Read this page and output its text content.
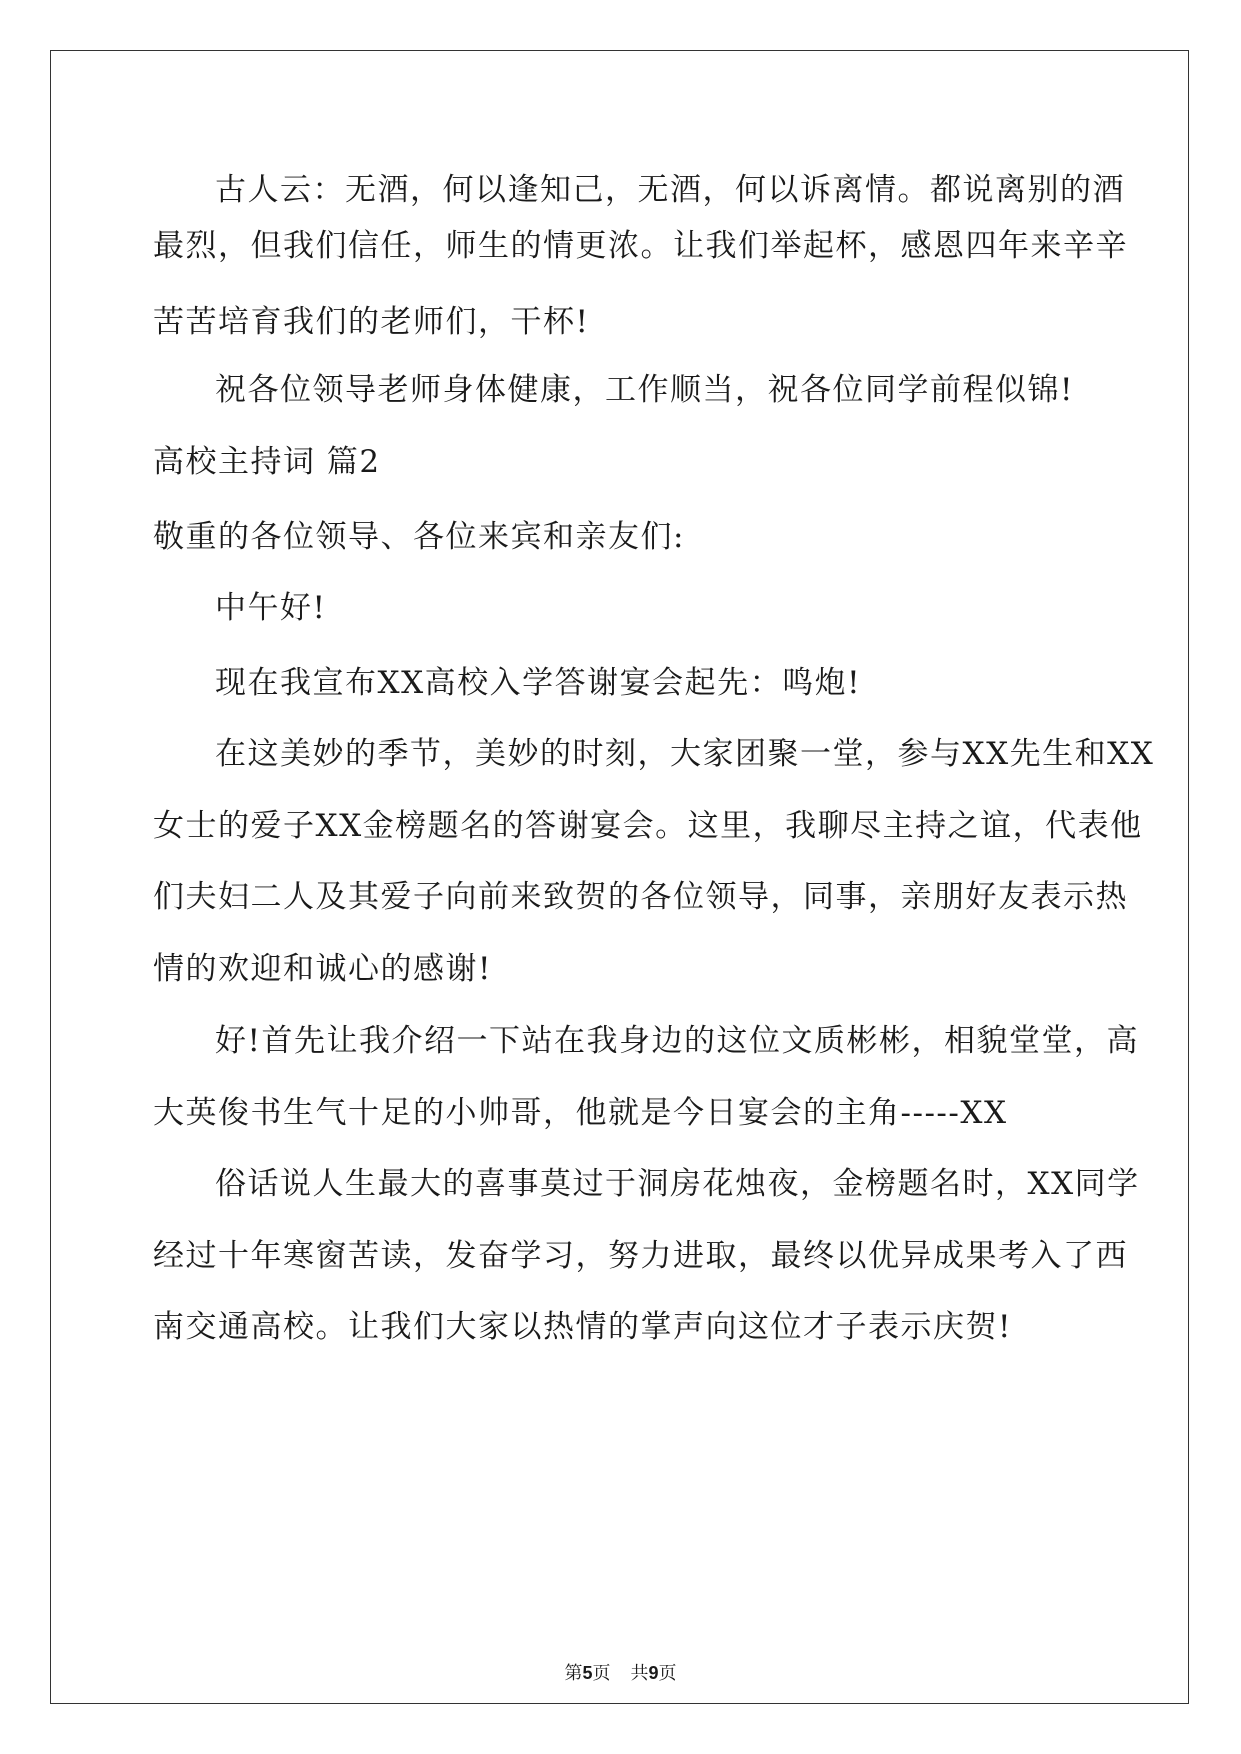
古人云：无酒，何以逢知己，无酒，何以诉离情。都说离别的酒
最烈，但我们信任，师生的情更浓。让我们举起杯，感恩四年来辛辛
苦苦培育我们的老师们，干杯!
祝各位领导老师身体健康，工作顺当，祝各位同学前程似锦!
高校主持词 篇2
敬重的各位领导、各位来宾和亲友们:
中午好!
现在我宣布XX高校入学答谢宴会起先：鸣炮!
在这美妙的季节，美妙的时刻，大家团聚一堂，参与XX先生和XX
女士的爱子XX金榜题名的答谢宴会。这里，我聊尽主持之谊，代表他
们夫妇二人及其爱子向前来致贺的各位领导，同事，亲朋好友表示热
情的欢迎和诚心的感谢!
好!首先让我介绍一下站在我身边的这位文质彬彬，相貌堂堂，高
大英俊书生气十足的小帅哥，他就是今日宴会的主角-----XX
俗话说人生最大的喜事莫过于洞房花烛夜，金榜题名时，XX同学
经过十年寒窗苦读，发奋学习，努力进取，最终以优异成果考入了西
南交通高校。让我们大家以热情的掌声向这位才子表示庆贺!
第5页 共9页
